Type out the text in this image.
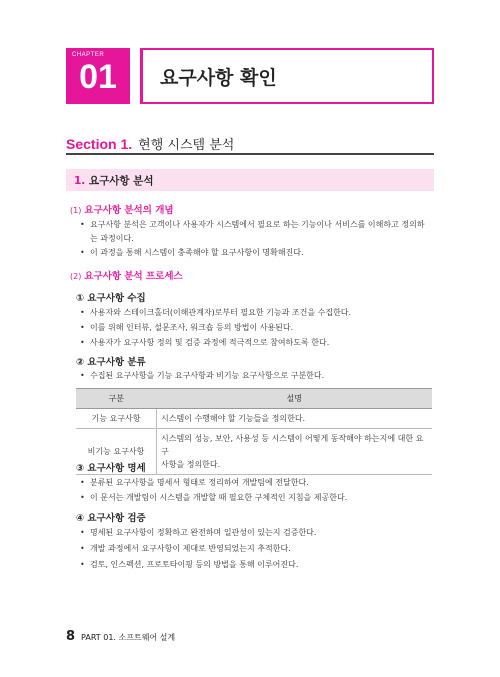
CHAPTER
01	요구사항 확인
Section 1. 현행 시스템 분석
1. 요구사항 분석
(1) 요구사항 분석의 개념
• 요구사항 분석은 고객이나 사용자가 시스템에서 필요로 하는 기능이나 서비스를 이해하고 정의하
는 과정이다.
• 이 과정을 통해 시스템이 충족해야 할 요구사항이 명확해진다.
(2) 요구사항 분석 프로세스
① 요구사항 수집
• 사용자와 스테이크홀더(이해관계자)로부터 필요한 기능과 조건을 수집한다.
• 이를 위해 인터뷰, 설문조사, 워크숍 등의 방법이 사용된다.
• 사용자가 요구사항 정의 및 검증 과정에 적극적으로 참여하도록 한다.
② 요구사항 분류
• 수집된 요구사항을 기능 요구사항과 비기능 요구사항으로 구분한다.
구분	설명
기능 요구사항	시스템이 수행해야 할 기능들을 정의한다.
비기능 요구사항	시스템의 성능, 보안, 사용성 등 시스템이 어떻게 동작해야 하는지에 대한 요구
사항을 정의한다.
③ 요구사항 명세
• 분류된 요구사항을 명세서 형태로 정리하여 개발팀에 전달한다.
• 이 문서는 개발팀이 시스템을 개발할 때 필요한 구체적인 지침을 제공한다.
④ 요구사항 검증
• 명세된 요구사항이 정확하고 완전하며 일관성이 있는지 검증한다.
• 개발 과정에서 요구사항이 제대로 반영되었는지 추적한다.
• 검토, 인스펙션, 프로토타이핑 등의 방법을 통해 이루어진다.
8 PART 01. 소프트웨어 설계
